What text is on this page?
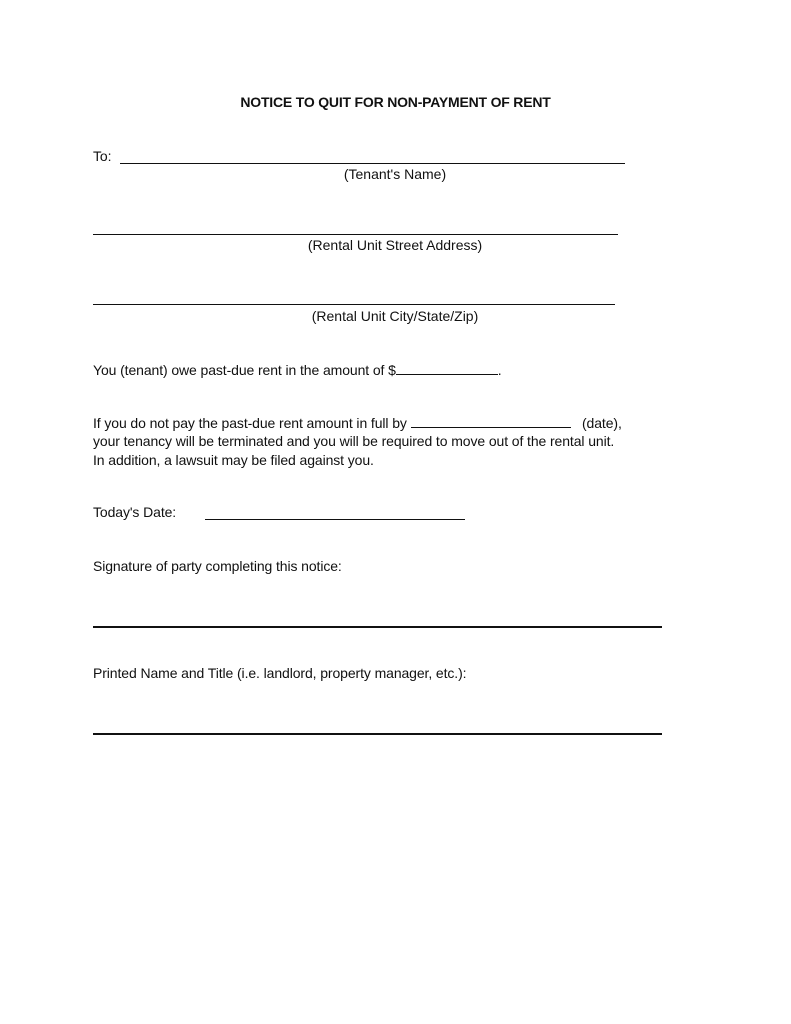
NOTICE TO QUIT FOR NON-PAYMENT OF RENT
To:
(Tenant's Name)
(Rental Unit Street Address)
(Rental Unit City/State/Zip)
You (tenant) owe past-due rent in the amount of $	.
If you do not pay the past-due rent amount in full by	(date),
your tenancy will be terminated and you will be required to move out of the rental unit.
In addition, a lawsuit may be filed against you.
Today's Date:
Signature of party completing this notice:
Printed Name and Title (i.e. landlord, property manager, etc.):
